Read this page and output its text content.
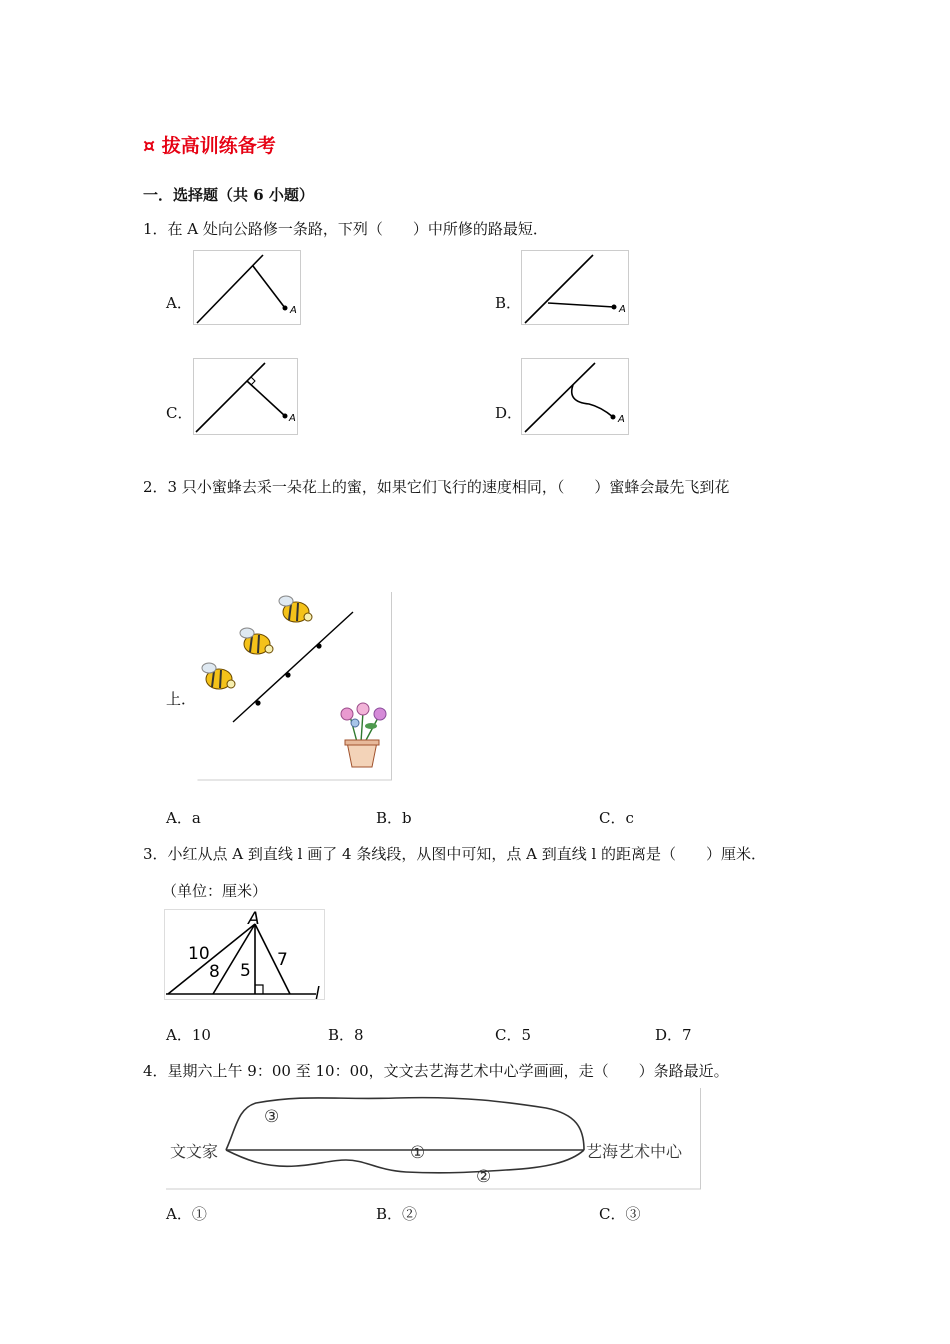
¤ 拔高训练备考
一．选择题（共 6 小题）
1．在 A 处向公路修一条路，下列（　　）中所修的路最短．
A．	A	B．	A
C．	A	D．	A
2．3 只小蜜蜂去采一朵花上的蜜，如果它们飞行的速度相同，（　　）蜜蜂会最先飞到花
上．
A．a	B．b	C．c
3．小红从点 A 到直线 l 画了 4 条线段，从图中可知，点 A 到直线 l 的距离是（　　）厘米．
（单位：厘米）
A
l
10
8 5
7
A．10	B．8	C．5	D．7
4．星期六上午 9：00 至 10：00，文文去艺海艺术中心学画画，走（　　）条路最近。
文文家	艺海艺术中心
①
②
③
A．①	B．②	C．③
